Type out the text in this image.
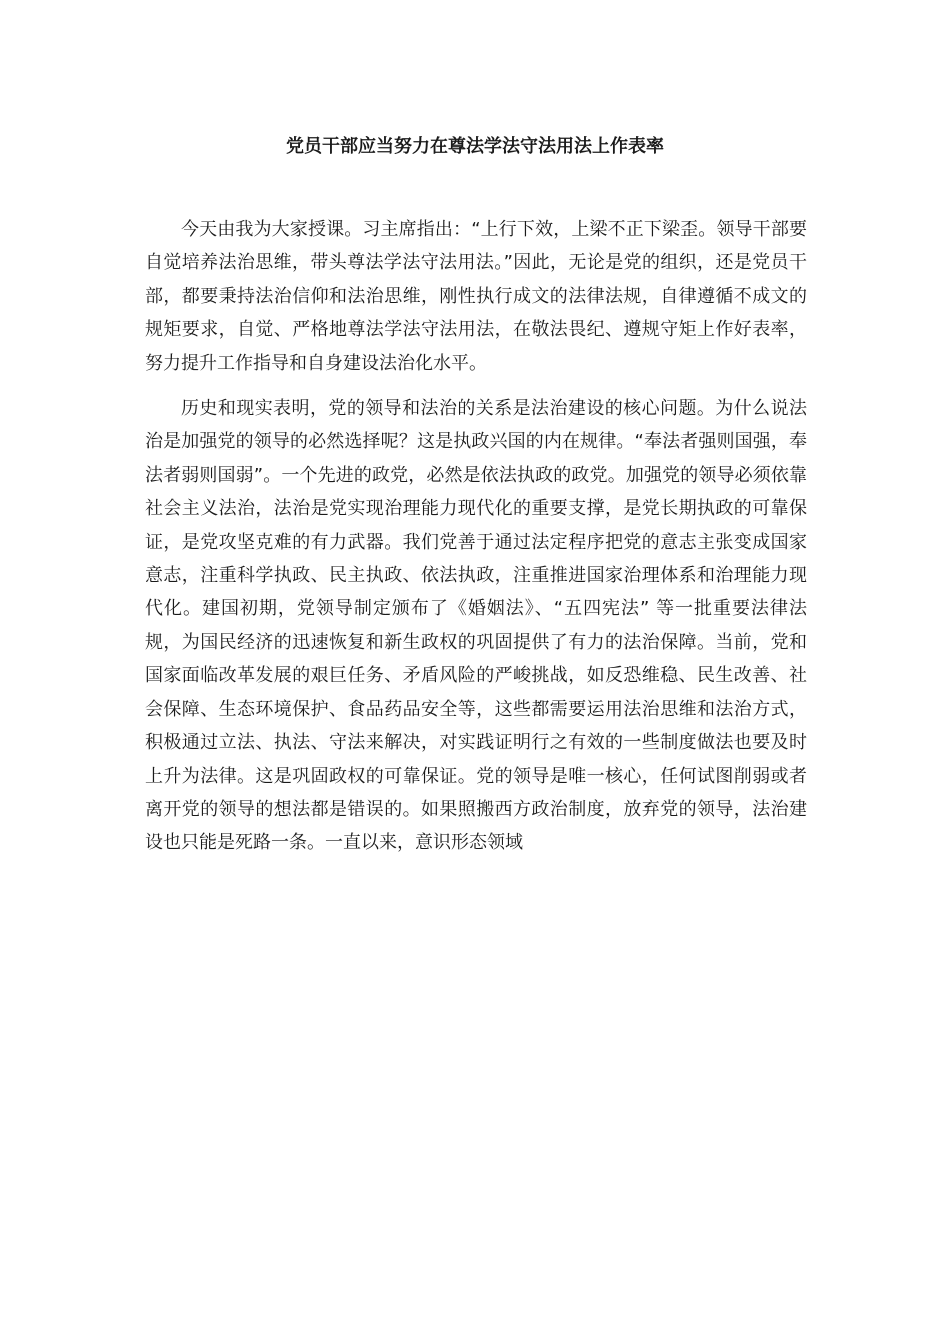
党员干部应当努力在尊法学法守法用法上作表率

今天由我为大家授课。习主席指出：“上行下效，上梁不正下梁歪。领导干部要自觉培养法治思维，带头尊法学法守法用法。”因此，无论是党的组织，还是党员干部，都要秉持法治信仰和法治思维，刚性执行成文的法律法规，自律遵循不成文的规矩要求，自觉、严格地尊法学法守法用法，在敬法畏纪、遵规守矩上作好表率，努力提升工作指导和自身建设法治化水平。

历史和现实表明，党的领导和法治的关系是法治建设的核心问题。为什么说法治是加强党的领导的必然选择呢？这是执政兴国的内在规律。“奉法者强则国强，奉法者弱则国弱”。一个先进的政党，必然是依法执政的政党。加强党的领导必须依靠社会主义法治，法治是党实现治理能力现代化的重要支撑，是党长期执政的可靠保证，是党攻坚克难的有力武器。我们党善于通过法定程序把党的意志主张变成国家意志，注重科学执政、民主执政、依法执政，注重推进国家治理体系和治理能力现代化。建国初期，党领导制定颁布了《婚姻法》、“五四宪法” 等一批重要法律法规，为国民经济的迅速恢复和新生政权的巩固提供了有力的法治保障。当前，党和国家面临改革发展的艰巨任务、矛盾风险的严峻挑战，如反恐维稳、民生改善、社会保障、生态环境保护、食品药品安全等，这些都需要运用法治思维和法治方式，积极通过立法、执法、守法来解决，对实践证明行之有效的一些制度做法也要及时上升为法律。这是巩固政权的可靠保证。党的领导是唯一核心，任何试图削弱或者离开党的领导的想法都是错误的。如果照搬西方政治制度，放弃党的领导，法治建设也只能是死路一条。一直以来，意识形态领域
